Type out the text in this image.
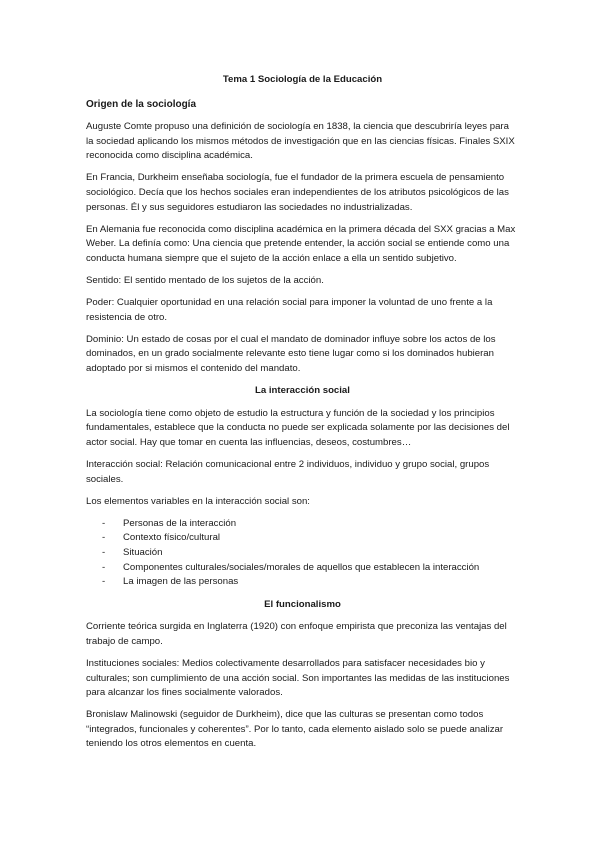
Tema 1 Sociología de la Educación
Origen de la sociología

Auguste Comte propuso una definición de sociología en 1838, la ciencia que descubriría leyes para la sociedad aplicando los mismos métodos de investigación que en las ciencias físicas. Finales SXIX reconocida como disciplina académica.

En Francia, Durkheim enseñaba sociología, fue el fundador de la primera escuela de pensamiento sociológico. Decía que los hechos sociales eran independientes de los atributos psicológicos de las personas. Él y sus seguidores estudiaron las sociedades no industrializadas.

En Alemania fue reconocida como disciplina académica en la primera década del SXX gracias a Max Weber. La definía como: Una ciencia que pretende entender, la acción social se entiende como una conducta humana siempre que el sujeto de la acción enlace a ella un sentido subjetivo.

Sentido: El sentido mentado de los sujetos de la acción.

Poder: Cualquier oportunidad en una relación social para imponer la voluntad de uno frente a la resistencia de otro.

Dominio: Un estado de cosas por el cual el mandato de dominador influye sobre los actos de los dominados, en un grado socialmente relevante esto tiene lugar como si los dominados hubieran adoptado por si mismos el contenido del mandato.

La interacción social

La sociología tiene como objeto de estudio la estructura y función de la sociedad y los principios fundamentales, establece que la conducta no puede ser explicada solamente por las decisiones del actor social. Hay que tomar en cuenta las influencias, deseos, costumbres…

Interacción social: Relación comunicacional entre 2 individuos, individuo y grupo social, grupos sociales.

Los elementos variables en la interacción social son:

- Personas de la interacción
- Contexto físico/cultural
- Situación
- Componentes culturales/sociales/morales de aquellos que establecen la interacción
- La imagen de las personas
El funcionalismo

Corriente teórica surgida en Inglaterra (1920) con enfoque empirista que preconiza las ventajas del trabajo de campo.

Instituciones sociales: Medios colectivamente desarrollados para satisfacer necesidades bio y culturales; son cumplimiento de una acción social. Son importantes las medidas de las instituciones para alcanzar los fines socialmente valorados.

Bronislaw Malinowski (seguidor de Durkheim), dice que las culturas se presentan como todos “integrados, funcionales y coherentes”. Por lo tanto, cada elemento aislado solo se puede analizar teniendo los otros elementos en cuenta.
